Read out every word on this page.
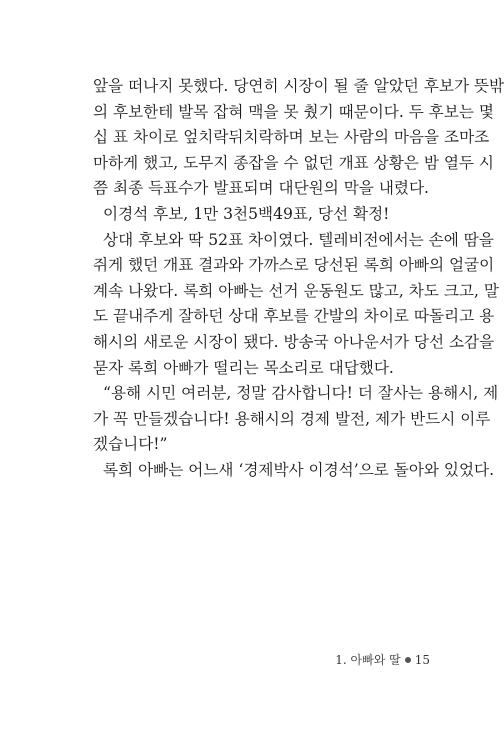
앞을 떠나지 못했다. 당연히 시장이 될 줄 알았던 후보가 뜻밖
의 후보한테 발목 잡혀 맥을 못 췄기 때문이다. 두 후보는 몇
십 표 차이로 엎치락뒤치락하며 보는 사람의 마음을 조마조
마하게 했고, 도무지 종잡을 수 없던 개표 상황은 밤 열두 시
쯤 최종 득표수가 발표되며 대단원의 막을 내렸다.
이경석 후보, 1만 3천5백49표, 당선 확정!
상대 후보와 딱 52표 차이였다. 텔레비전에서는 손에 땀을
쥐게 했던 개표 결과와 가까스로 당선된 록희 아빠의 얼굴이
계속 나왔다. 록희 아빠는 선거 운동원도 많고, 차도 크고, 말
도 끝내주게 잘하던 상대 후보를 간발의 차이로 따돌리고 용
해시의 새로운 시장이 됐다. 방송국 아나운서가 당선 소감을
묻자 록희 아빠가 떨리는 목소리로 대답했다.
“용해 시민 여러분, 정말 감사합니다! 더 잘사는 용해시, 제
가 꼭 만들겠습니다! 용해시의 경제 발전, 제가 반드시 이루
겠습니다!”
록희 아빠는 어느새 ‘경제박사 이경석’으로 돌아와 있었다.
1. 아빠와 딸 15
